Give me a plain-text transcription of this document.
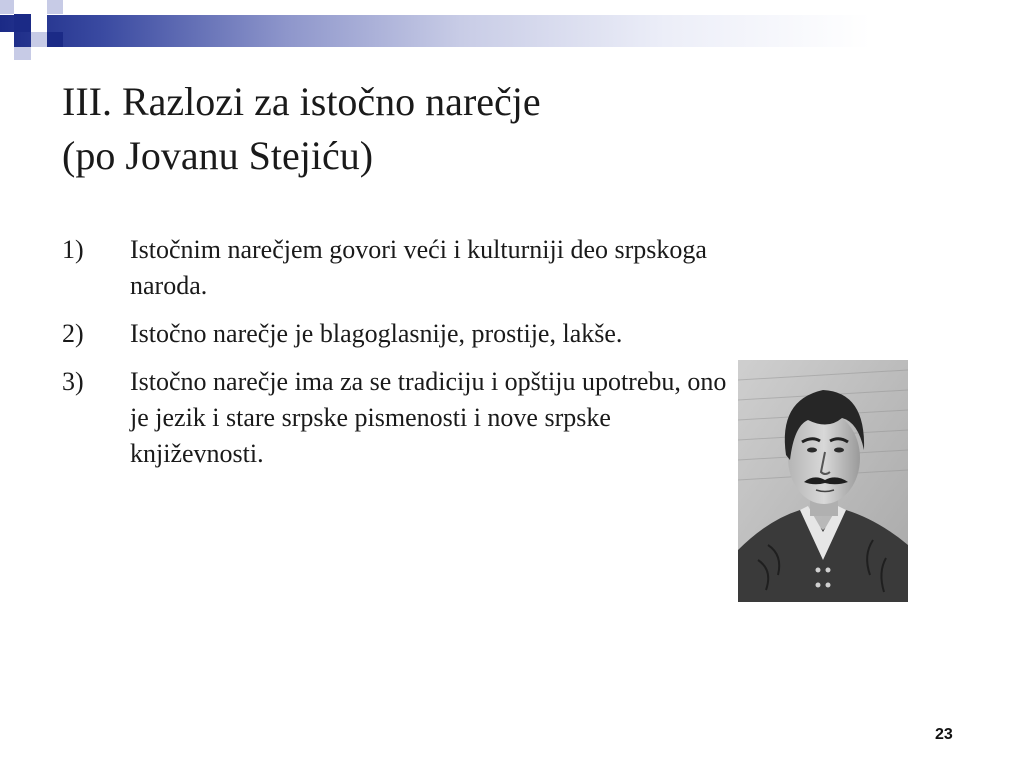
III. Razlozi za istočno narečje
(po Jovanu Stejiću)
1)	Istočnim narečjem govori veći i kulturniji deo srpskoga naroda.
2)	Istočno narečje je blagoglasnije, prostije, lakše.
3)	Istočno narečje ima za se tradiciju i opštiju upotrebu, ono je jezik i stare srpske pismenosti i nove srpske književnosti.
23
